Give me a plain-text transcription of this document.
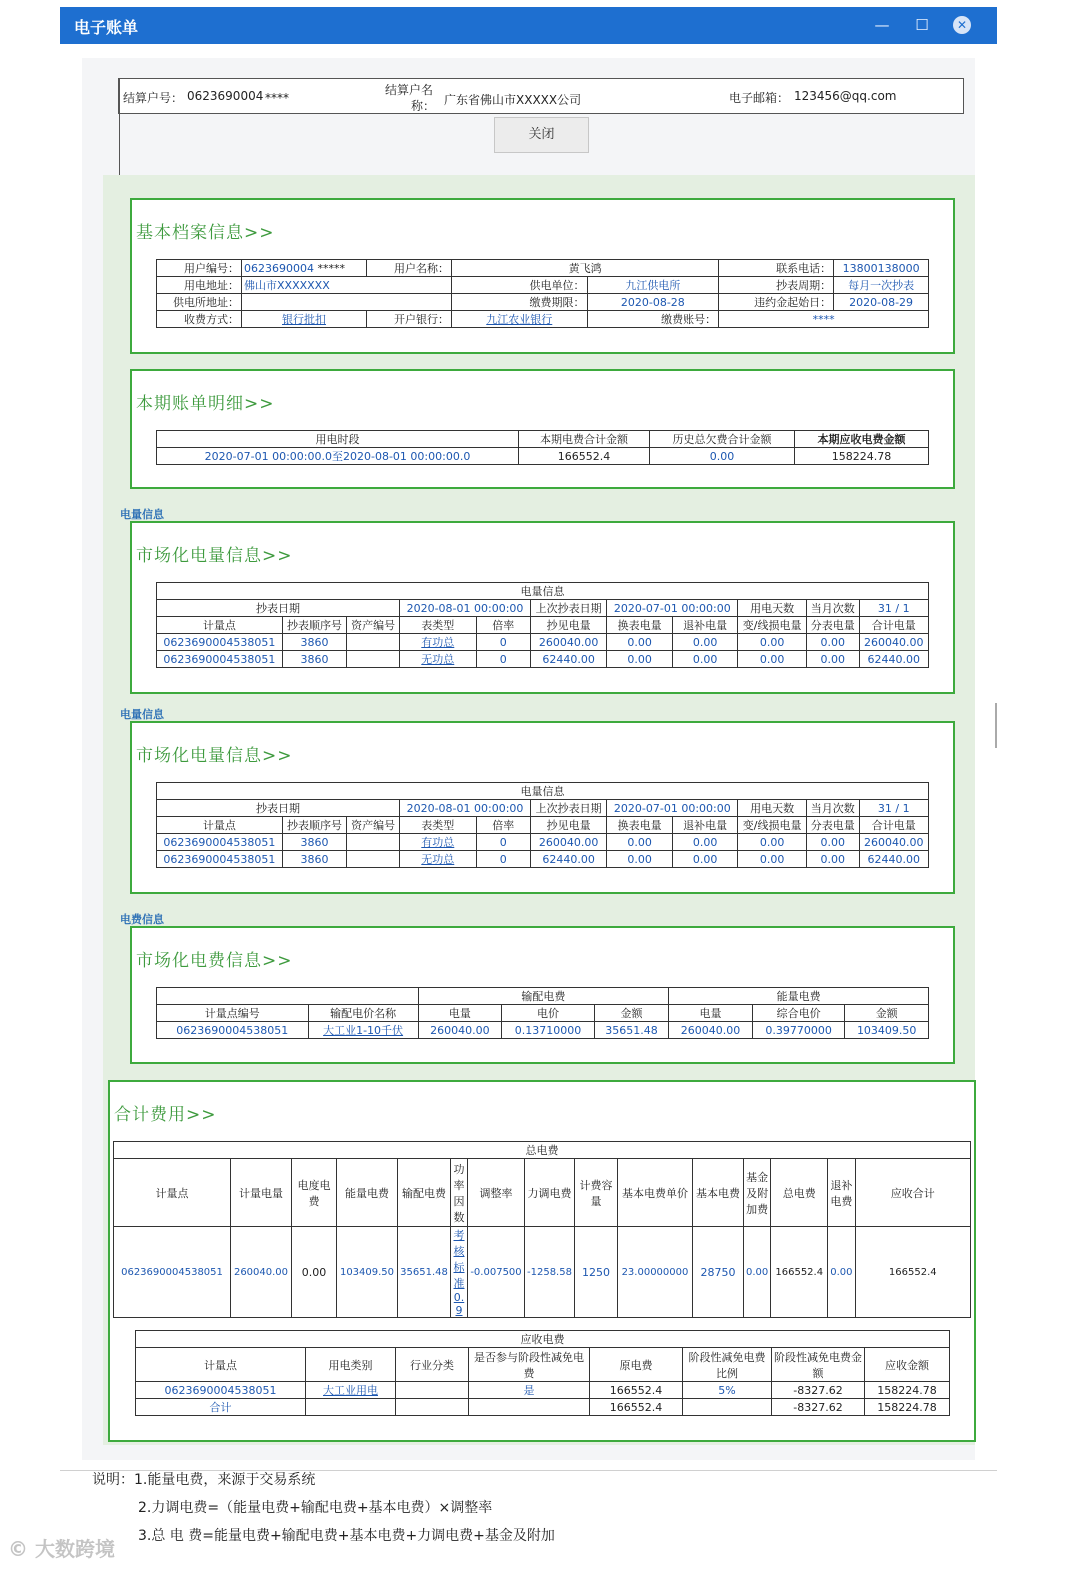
电子账单	— ☐	✕
结算户号： 0623690004 ****
结算户名
称： 广东省佛山市XXXXX公司	电子邮箱： 123456@qq.com
关闭
基本档案信息>>
用户编号：	0623690004 *****	用户名称：	黄飞鸿		联系电话：	13800138000
用电地址：	佛山市XXXXXXX		供电单位：	九江供电所	抄表周期：	每月一次抄表
供电所地址：			缴费期限：	2020-08-28	违约金起始日：	2020-08-29
收费方式：	银行批扣	开户银行：	九江农业银行	缴费账号：	****	
本期账单明细>>
用电时段	本期电费合计金额	历史总欠费合计金额	本期应收电费金额
2020-07-01 00:00:00.0至2020-08-01 00:00:00.0	166552.4	0.00	158224.78
电量信息
市场化电量信息>>
电量信息										
抄表日期			2020-08-01 00:00:00		上次抄表日期	2020-07-01 00:00:00		用电天数	当月次数	31 / 1
计量点	抄表顺序号	资产编号	表类型	倍率	抄见电量	换表电量	退补电量	变/线损电量	分表电量	合计电量
0623690004538051	3860		有功总	0	260040.00	0.00	0.00	0.00	0.00	260040.00
0623690004538051	3860		无功总	0	62440.00	0.00	0.00	0.00	0.00	62440.00
电量信息
市场化电量信息>>
电量信息										
抄表日期			2020-08-01 00:00:00		上次抄表日期	2020-07-01 00:00:00		用电天数	当月次数	31 / 1
计量点	抄表顺序号	资产编号	表类型	倍率	抄见电量	换表电量	退补电量	变/线损电量	分表电量	合计电量
0623690004538051	3860		有功总	0	260040.00	0.00	0.00	0.00	0.00	260040.00
0623690004538051	3860		无功总	0	62440.00	0.00	0.00	0.00	0.00	62440.00
电费信息
市场化电费信息>>
		输配电费			能量电费		
计量点编号	输配电价名称	电量	电价	金额	电量	综合电价	金额
0623690004538051	大工业1-10千伏	260040.00	0.13710000	35651.48	260040.00	0.39770000	103409.50
合计费用>>
总电费														
计量点	计量电量	电度电费	能量电费	输配电费	功率因数	调整率	力调电费	计费容量	基本电费单价	基本电费	基金及附加费	总电费	退补电费	应收合计
0623690004538051	260040.00	0.00	103409.50	35651.48	考核标准0.9	-0.007500	-1258.58	1250	23.00000000	28750	0.00	166552.4	0.00	166552.4
应收电费							
计量点	用电类别	行业分类	是否参与阶段性减免电费	原电费	阶段性减免电费比例	阶段性减免电费金额	应收金额
0623690004538051	大工业用电		是	166552.4	5%	-8327.62	158224.78
合计				166552.4		-8327.62	158224.78
说明：1.能量电费，来源于交易系统
2.力调电费=（能量电费+输配电费+基本电费）×调整率
3.总 电 费=能量电费+输配电费+基本电费+力调电费+基金及附加
© 大数跨境
